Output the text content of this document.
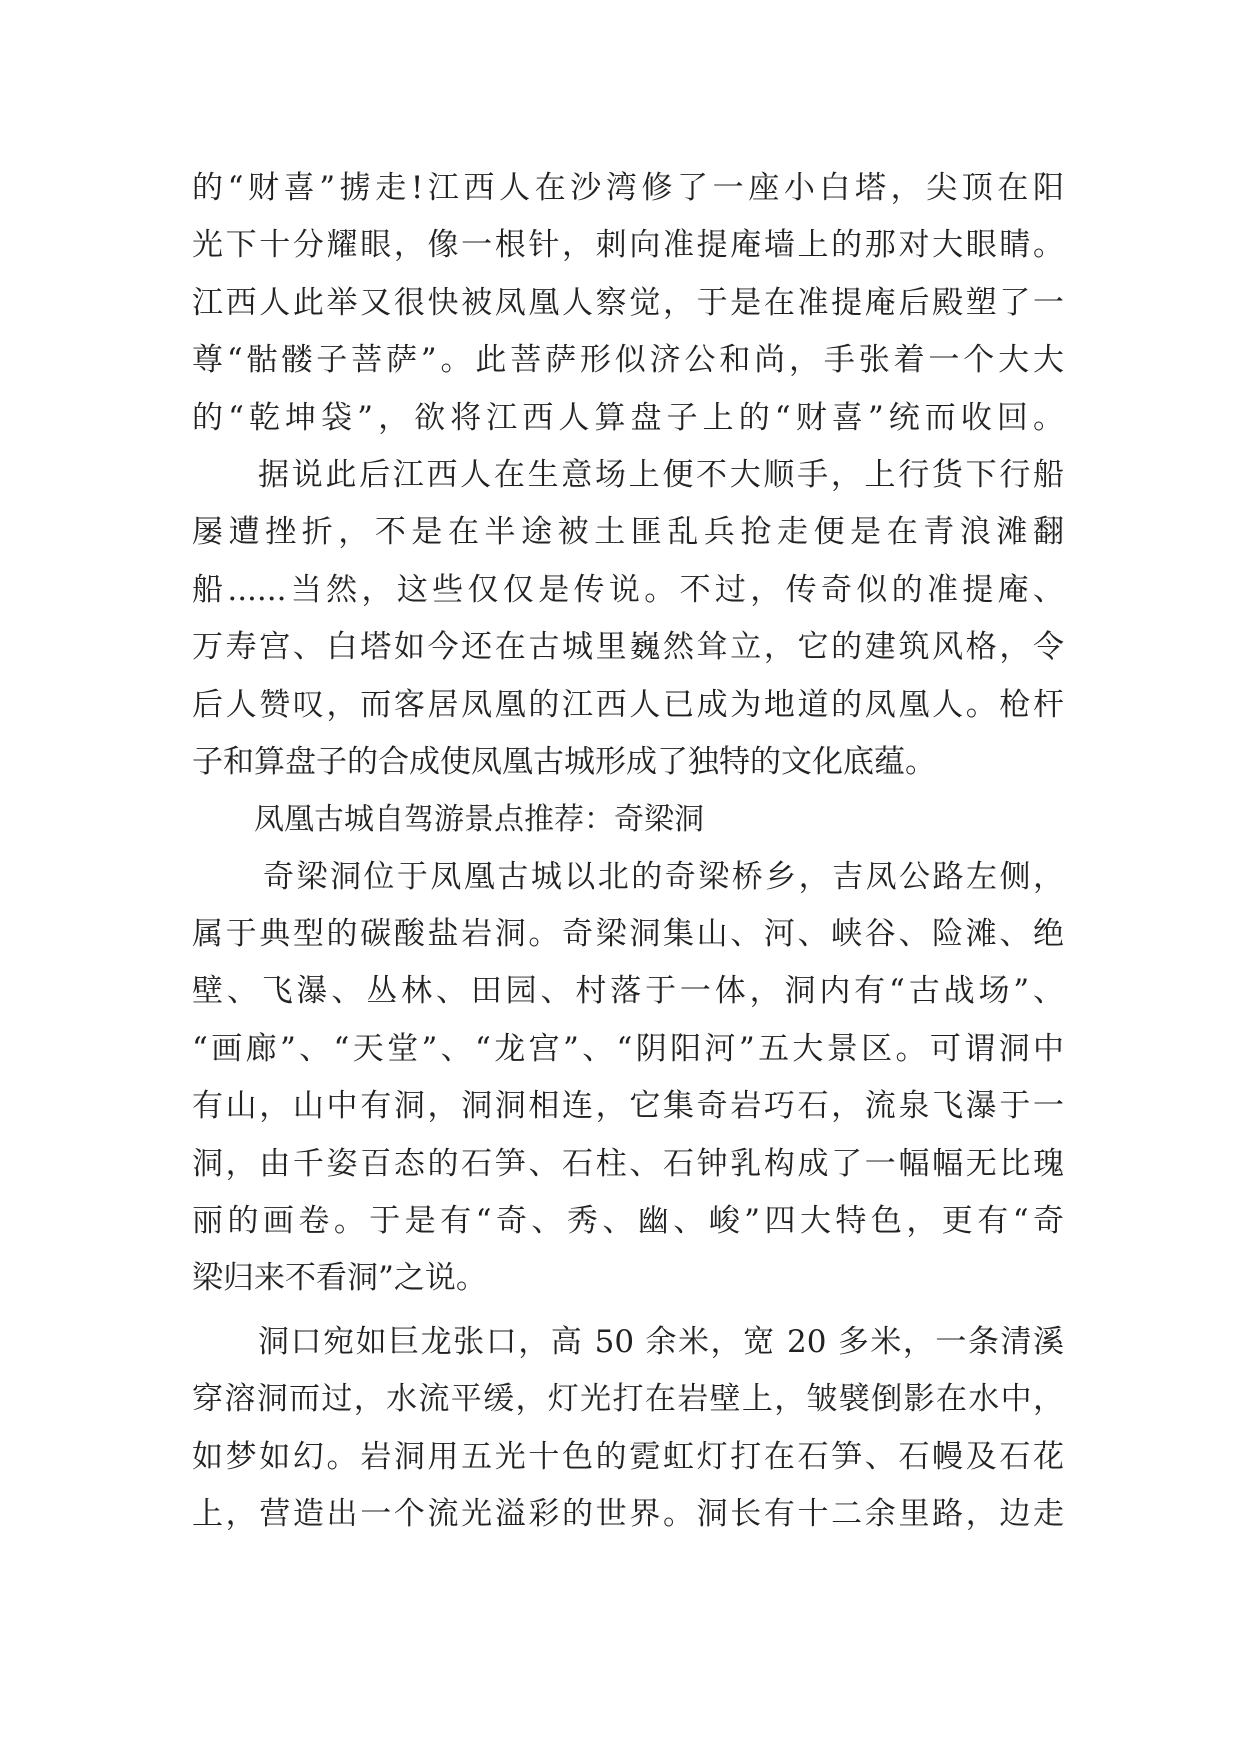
的“财喜”掳走!江西人在沙湾修了一座小白塔，尖顶在阳
光下十分耀眼，像一根针，刺向准提庵墙上的那对大眼睛。
江西人此举又很快被凤凰人察觉，于是在准提庵后殿塑了一
尊“骷髅子菩萨”。此菩萨形似济公和尚，手张着一个大大
的“乾坤袋”，欲将江西人算盘子上的“财喜”统而收回。
据说此后江西人在生意场上便不大顺手，上行货下行船
屡遭挫折，不是在半途被土匪乱兵抢走便是在青浪滩翻
船......当然，这些仅仅是传说。不过，传奇似的准提庵、
万寿宫、白塔如今还在古城里巍然耸立，它的建筑风格，令
后人赞叹，而客居凤凰的江西人已成为地道的凤凰人。枪杆
子和算盘子的合成使凤凰古城形成了独特的文化底蕴。
凤凰古城自驾游景点推荐：奇梁洞
奇梁洞位于凤凰古城以北的奇梁桥乡，吉凤公路左侧，
属于典型的碳酸盐岩洞。奇梁洞集山、河、峡谷、险滩、绝
壁、飞瀑、丛林、田园、村落于一体，洞内有“古战场”、
“画廊”、“天堂”、“龙宫”、“阴阳河”五大景区。可谓洞中
有山，山中有洞，洞洞相连，它集奇岩巧石，流泉飞瀑于一
洞，由千姿百态的石笋、石柱、石钟乳构成了一幅幅无比瑰
丽的画卷。于是有“奇、秀、幽、峻”四大特色，更有“奇
梁归来不看洞”之说。
洞口宛如巨龙张口，高 50 余米，宽 20 多米，一条清溪
穿溶洞而过，水流平缓，灯光打在岩壁上，皱襞倒影在水中，
如梦如幻。岩洞用五光十色的霓虹灯打在石笋、石幔及石花
上，营造出一个流光溢彩的世界。洞长有十二余里路，边走
